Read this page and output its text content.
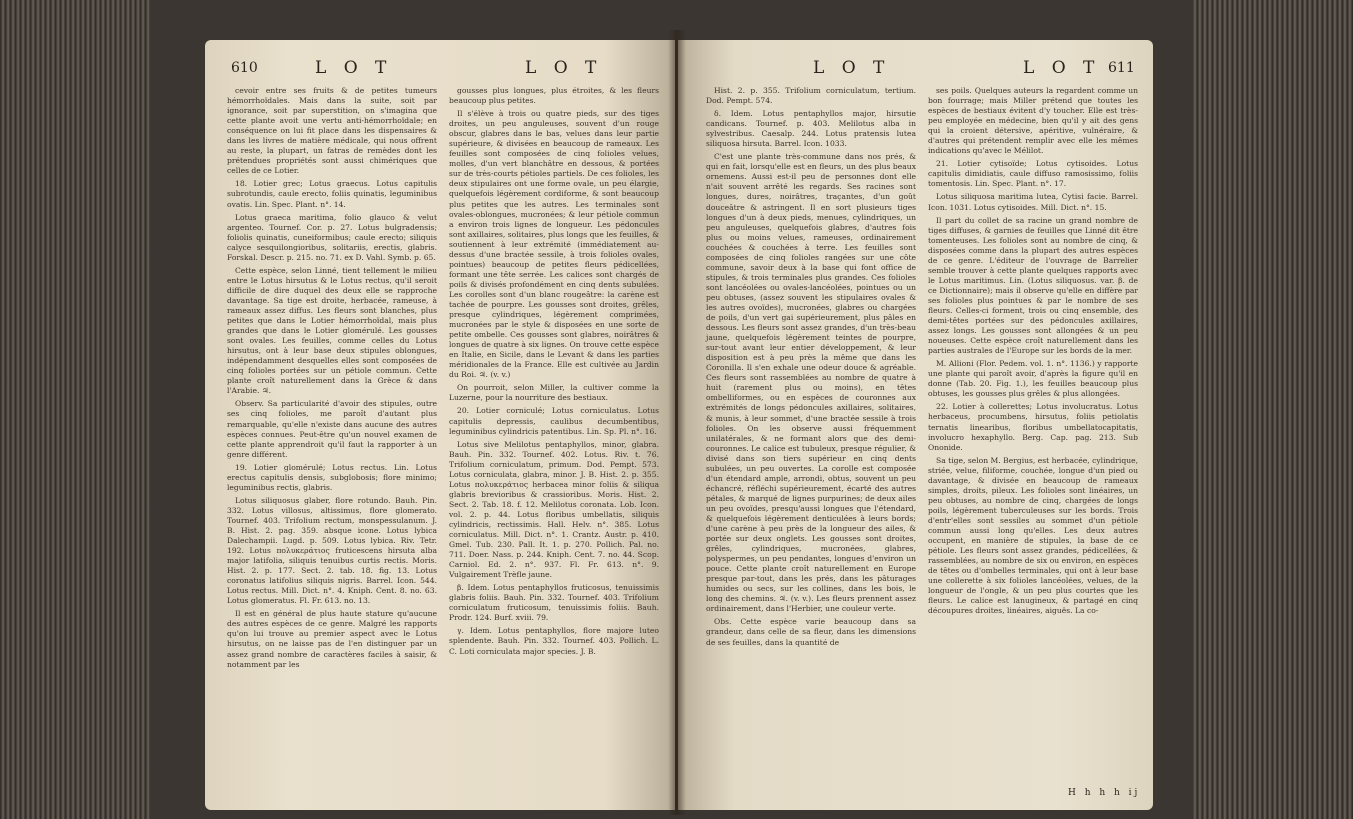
610	L O T	L O T

cevoir entre ses fruits & de petites tumeurs hémorrhoïdales. Mais dans la suite, soit par ignorance, soit par superstition, on s'imagina que cette plante avoit une vertu anti-hémorrhoïdale; en conséquence on lui fit place dans les dispensaires & dans les livres de matière médicale, qui nous offrent au reste, la plupart, un fatras de remèdes dont les prétendues propriétés sont aussi chimériques que celles de ce Lotier.

18. Lotier grec; Lotus graecus. Lotus capitulis subrotundis, caule erecto, foliis quinatis, leguminibus ovatis. Lin. Spec. Plant. n°. 14.

Lotus graeca maritima, folio glauco & velut argenteo. Tournef. Cor. p. 27. Lotus bulgradensis; foliolis quinatis, cuneiformibus; caule erecto; siliquis calyce sesquilongioribus, solitariis, erectis, glabris. Forskal. Descr. p. 215. no. 71. ex D. Vahl. Symb. p. 65.

Cette espèce, selon Linné, tient tellement le milieu entre le Lotus hirsutus & le Lotus rectus, qu'il seroit difficile de dire duquel des deux elle se rapproche davantage. Sa tige est droite, herbacée, rameuse, à rameaux assez diffus. Les fleurs sont blanches, plus petites que dans le Lotier hémorrhoïdal, mais plus grandes que dans le Lotier glomérulé. Les gousses sont ovales. Les feuilles, comme celles du Lotus hirsutus, ont à leur base deux stipules oblongues, indépendamment desquelles elles sont composées de cinq folioles portées sur un pétiole commun. Cette plante croît naturellement dans la Grèce & dans l'Arabie. ♃.

Observ. Sa particularité d'avoir des stipules, outre ses cinq folioles, me paroît d'autant plus remarquable, qu'elle n'existe dans aucune des autres espèces connues. Peut-être qu'un nouvel examen de cette plante apprendroit qu'il faut la rapporter à un genre différent.

19. Lotier glomérulé; Lotus rectus. Lin. Lotus erectus capitulis densis, subglobosis; flore minimo; leguminibus rectis, glabris.

Lotus siliquosus glaber, flore rotundo. Bauh. Pin. 332. Lotus villosus, altissimus, flore glomerato. Tournef. 403. Trifolium rectum, monspessulanum. J. B. Hist. 2. pag. 359. absque icone. Lotus lybica Dalechampii. Lugd. p. 509. Lotus lybica. Riv. Tetr. 192. Lotus πολυκεράτιος fruticescens hirsuta alba major latifolia, siliquis tenuibus curtis rectis. Moris. Hist. 2. p. 177. Sect. 2. tab. 18. fig. 13. Lotus coronatus latifolius siliquis nigris. Barrel. Icon. 544. Lotus rectus. Mill. Dict. n°. 4. Kniph. Cent. 8. no. 63. Lotus glomeratus. Fl. Fr. 613. no. 13.

Il est en général de plus haute stature qu'aucune des autres espèces de ce genre. Malgré les rapports qu'on lui trouve au premier aspect avec le Lotus hirsutus, on ne laisse pas de l'en distinguer par un assez grand nombre de caractères faciles à saisir, & notamment par les

gousses plus longues, plus étroites, & les fleurs beaucoup plus petites.

Il s'élève à trois ou quatre pieds, sur des tiges droites, un peu anguleuses, souvent d'un rouge obscur, glabres dans le bas, velues dans leur partie supérieure, & divisées en beaucoup de rameaux. Les feuilles sont composées de cinq folioles velues, molles, d'un vert blanchâtre en dessous, & portées sur de très-courts pétioles partiels. De ces folioles, les deux stipulaires ont une forme ovale, un peu élargie, quelquefois légèrement cordiforme, & sont beaucoup plus petites que les autres. Les terminales sont ovales-oblongues, mucronées; & leur pétiole commun a environ trois lignes de longueur. Les pédoncules sont axillaires, solitaires, plus longs que les feuilles, & soutiennent à leur extrémité (immédiatement au-dessus d'une bractée sessile, à trois folioles ovales, pointues) beaucoup de petites fleurs pédicellées, formant une tête serrée. Les calices sont chargés de poils & divisés profondément en cinq dents subulées. Les corolles sont d'un blanc rougeâtre: la carène est tachée de pourpre. Les gousses sont droites, grêles, presque cylindriques, légèrement comprimées, mucronées par le style & disposées en une sorte de petite ombelle. Ces gousses sont glabres, noirâtres & longues de quatre à six lignes. On trouve cette espèce en Italie, en Sicile, dans le Levant & dans les parties méridionales de la France. Elle est cultivée au Jardin du Roi. ♃. (v. v.)

On pourroit, selon Miller, la cultiver comme la Luzerne, pour la nourriture des bestiaux.

20. Lotier corniculé; Lotus corniculatus. Lotus capitulis depressis, caulibus decumbentibus, leguminibus cylindricis patentibus. Lin. Sp. Pl. n°. 16.

Lotus sive Melilotus pentaphyllos, minor, glabra. Bauh. Pin. 332. Tournef. 402. Lotus. Riv. t. 76. Trifolium corniculatum, primum. Dod. Pempt. 573. Lotus corniculata, glabra, minor. J. B. Hist. 2. p. 355. Lotus πολυκεράτιος herbacea minor foliis & siliqua glabris brevioribus & crassioribus. Moris. Hist. 2. Sect. 2. Tab. 18. f. 12. Melilotus coronata. Lob. Icon. vol. 2. p. 44. Lotus floribus umbellatis, siliquis cylindricis, rectissimis. Hall. Helv. n°. 385. Lotus corniculatus. Mill. Dict. n°. 1. Crantz. Austr. p. 410. Gmel. Tub. 230. Pall. It. 1. p. 270. Pollich. Pal. no. 711. Doer. Nass. p. 244. Kniph. Cent. 7. no. 44. Scop. Carniol. Ed. 2. n°. 937. Fl. Fr. 613. n°. 9. Vulgairement Trèfle jaune.

β. Idem. Lotus pentaphyllos fruticosus, tenuissimis glabris foliis. Bauh. Pin. 332. Tournef. 403. Trifolium corniculatum fruticosum, tenuissimis foliis. Bauh. Prodr. 124. Burf. xviii. 79.

γ. Idem. Lotus pentaphyllos, flore majore luteo splendente. Bauh. Pin. 332. Tournef. 403. Pollich. L. C. Loti corniculata major species. J. B.

L O T	L O T 611

Hist. 2. p. 355. Trifolium corniculatum, tertium. Dod. Pempt. 574.

δ. Idem. Lotus pentaphyllos major, hirsutie candicans. Tournef. p. 403. Melilotus alba in sylvestribus. Caesalp. 244. Lotus pratensis lutea siliquosa hirsuta. Barrel. Icon. 1033.

C'est une plante très-commune dans nos prés, & qui en fait, lorsqu'elle est en fleurs, un des plus beaux ornemens. Aussi est-il peu de personnes dont elle n'ait souvent arrêté les regards. Ses racines sont longues, dures, noirâtres, traçantes, d'un goût douceâtre & astringent. Il en sort plusieurs tiges longues d'un à deux pieds, menues, cylindriques, un peu anguleuses, quelquefois glabres, d'autres fois plus ou moins velues, rameuses, ordinairement couchées & couchées à terre. Les feuilles sont composées de cinq folioles rangées sur une côte commune, savoir deux à la base qui font office de stipules, & trois terminales plus grandes. Ces folioles sont lancéolées ou ovales-lancéolées, pointues ou un peu obtuses, (assez souvent les stipulaires ovales & les autres ovoïdes), mucronées, glabres ou chargées de poils, d'un vert gai supérieurement, plus pâles en dessous. Les fleurs sont assez grandes, d'un très-beau jaune, quelquefois légèrement teintes de pourpre, sur-tout avant leur entier développement, & leur disposition est à peu près la même que dans les Coronilla. Il s'en exhale une odeur douce & agréable. Ces fleurs sont rassemblées au nombre de quatre à huit (rarement plus ou moins), en têtes ombelliformes, ou en espèces de couronnes aux extrémités de longs pédoncules axillaires, solitaires, & munis, à leur sommet, d'une bractée sessile à trois folioles. On les observe aussi fréquemment unilatérales, & ne formant alors que des demi-couronnes. Le calice est tubuleux, presque régulier, & divisé dans son tiers supérieur en cinq dents subulées, un peu ouvertes. La corolle est composée d'un étendard ample, arrondi, obtus, souvent un peu échancré, réfléchi supérieurement, écarté des autres pétales, & marqué de lignes purpurines; de deux ailes un peu ovoïdes, presqu'aussi longues que l'étendard, & quelquefois légèrement denticulées à leurs bords; d'une carène à peu près de la longueur des ailes, & portée sur deux onglets. Les gousses sont droites, grêles, cylindriques, mucronées, glabres, polyspermes, un peu pendantes, longues d'environ un pouce. Cette plante croît naturellement en Europe presque par-tout, dans les prés, dans les pâturages humides ou secs, sur les collines, dans les bois, le long des chemins. ♃. (v. v.). Les fleurs prennent assez ordinairement, dans l'Herbier, une couleur verte.

Obs. Cette espèce varie beaucoup dans sa grandeur, dans celle de sa fleur, dans les dimensions de ses feuilles, dans la quantité de

ses poils. Quelques auteurs la regardent comme un bon fourrage; mais Miller prétend que toutes les espèces de bestiaux évitent d'y toucher. Elle est très-peu employée en médecine, bien qu'il y ait des gens qui la croient détersive, apéritive, vulnéraire, & d'autres qui prétendent remplir avec elle les mêmes indications qu'avec le Mélilot.

21. Lotier cytisoïde; Lotus cytisoides. Lotus capitulis dimidiatis, caule diffuso ramosissimo, foliis tomentosis. Lin. Spec. Plant. n°. 17.

Lotus siliquosa maritima lutea, Cytisi facie. Barrel. Icon. 1031. Lotus cytisoides. Mill. Dict. n°. 15.

Il part du collet de sa racine un grand nombre de tiges diffuses, & garnies de feuilles que Linné dit être tomenteuses. Les folioles sont au nombre de cinq, & disposées comme dans la plupart des autres espèces de ce genre. L'éditeur de l'ouvrage de Barrelier semble trouver à cette plante quelques rapports avec le Lotus maritimus. Lin. (Lotus siliquosus. var. β. de ce Dictionnaire); mais il observe qu'elle en diffère par ses folioles plus pointues & par le nombre de ses fleurs. Celles-ci forment, trois ou cinq ensemble, des demi-têtes portées sur des pédoncules axillaires, assez longs. Les gousses sont allongées & un peu noueuses. Cette espèce croît naturellement dans les parties australes de l'Europe sur les bords de la mer.

M. Allioni (Flor. Pedem. vol. 1. n°. 1136.) y rapporte une plante qui paroît avoir, d'après la figure qu'il en donne (Tab. 20. Fig. 1.), les feuilles beaucoup plus obtuses, les gousses plus grêles & plus allongées.

22. Lotier à collerettes; Lotus involucratus. Lotus herbaceus, procumbens, hirsutus, foliis petiolatis ternatis linearibus, floribus umbellatocapitatis, involucro hexaphyllo. Berg. Cap. pag. 213. Sub Ononide.

Sa tige, selon M. Bergius, est herbacée, cylindrique, striée, velue, filiforme, couchée, longue d'un pied ou davantage, & divisée en beaucoup de rameaux simples, droits, pileux. Les folioles sont linéaires, un peu obtuses, au nombre de cinq, chargées de longs poils, légèrement tuberculeuses sur les bords. Trois d'entr'elles sont sessiles au sommet d'un pétiole commun aussi long qu'elles. Les deux autres occupent, en manière de stipules, la base de ce pétiole. Les fleurs sont assez grandes, pédicellées, & rassemblées, au nombre de six ou environ, en espèces de têtes ou d'ombelles terminales, qui ont à leur base une collerette à six folioles lancéolées, velues, de la longueur de l'ongle, & un peu plus courtes que les fleurs. Le calice est lanugineux, & partagé en cinq découpures droites, linéaires, aiguës. La co-

H h h h ij
